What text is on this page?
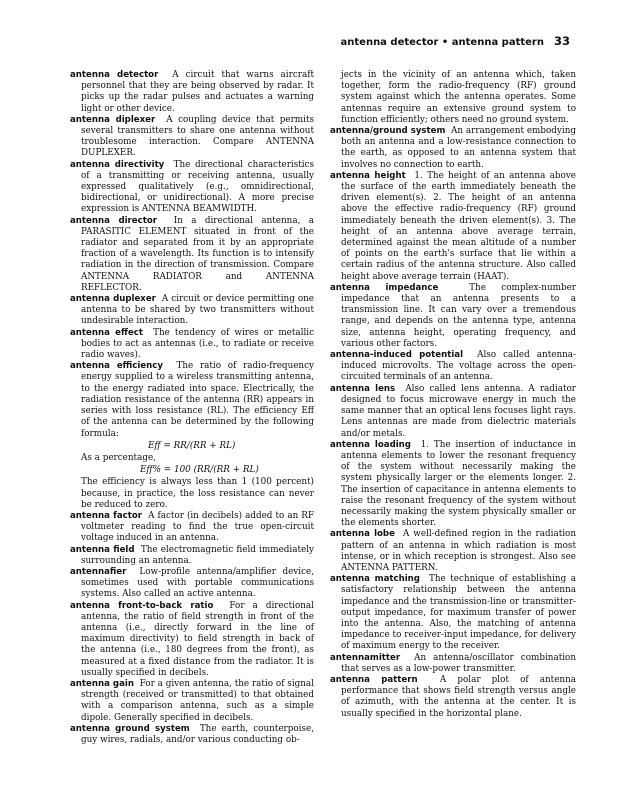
antenna detector • antenna pattern 33

antenna detector A circuit that warns aircraft personnel that they are being observed by radar. It picks up the radar pulses and actuates a warning light or other device.

antenna diplexer A coupling device that permits several transmitters to share one antenna without troublesome interaction. Compare ANTENNA DUPLEXER.

antenna directivity The directional characteristics of a transmitting or receiving antenna, usually expressed qualitatively (e.g., omnidirectional, bidirectional, or unidirectional). A more precise expression is ANTENNA BEAMWIDTH.

antenna director In a directional antenna, a PARASITIC ELEMENT situated in front of the radiator and separated from it by an appropriate fraction of a wavelength. Its function is to intensify radiation in the direction of transmission. Compare ANTENNA RADIATOR and ANTENNA REFLECTOR.

antenna duplexer A circuit or device permitting one antenna to be shared by two transmitters without undesirable interaction.

antenna effect The tendency of wires or metallic bodies to act as antennas (i.e., to radiate or receive radio waves).

antenna efficiency The ratio of radio-frequency energy supplied to a wireless transmitting antenna, to the energy radiated into space. Electrically, the radiation resistance of the antenna (RR) appears in series with loss resistance (RL). The efficiency Eff of the antenna can be determined by the following formula:

Eff = RR/(RR + RL)

As a percentage,

Eff% = 100 (RR/(RR + RL)

The efficiency is always less than 1 (100 percent) because, in practice, the loss resistance can never be reduced to zero.

antenna factor A factor (in decibels) added to an RF voltmeter reading to find the true open-circuit voltage induced in an antenna.

antenna field The electromagnetic field immediately surrounding an antenna.

antennafier Low-profile antenna/amplifier device, sometimes used with portable communications systems. Also called an active antenna.

antenna front-to-back ratio For a directional antenna, the ratio of field strength in front of the antenna (i.e., directly forward in the line of maximum directivity) to field strength in back of the antenna (i.e., 180 degrees from the front), as measured at a fixed distance from the radiator. It is usually specified in decibels.

antenna gain For a given antenna, the ratio of signal strength (received or transmitted) to that obtained with a comparison antenna, such as a simple dipole. Generally specified in decibels.

antenna ground system The earth, counterpoise, guy wires, radials, and/or various conducting ob-

jects in the vicinity of an antenna which, taken together, form the radio-frequency (RF) ground system against which the antenna operates. Some antennas require an extensive ground system to function efficiently; others need no ground system.

antenna/ground system An arrangement embodying both an antenna and a low-resistance connection to the earth, as opposed to an antenna system that involves no connection to earth.

antenna height 1. The height of an antenna above the surface of the earth immediately beneath the driven element(s). 2. The height of an antenna above the effective radio-frequency (RF) ground immediately beneath the driven element(s). 3. The height of an antenna above average terrain, determined against the mean altitude of a number of points on the earth's surface that lie within a certain radius of the antenna structure. Also called height above average terrain (HAAT).

antenna impedance	The complex-number impedance that an antenna presents to a transmission line. It can vary over a tremendous range, and depends on the antenna type, antenna size, antenna height, operating frequency, and various other factors.

antenna-induced potential Also called antenna-induced microvolts. The voltage across the open-circuited terminals of an antenna.

antenna lens Also called lens antenna. A radiator designed to focus microwave energy in much the same manner that an optical lens focuses light rays. Lens antennas are made from dielectric materials and/or metals.

antenna loading 1. The insertion of inductance in antenna elements to lower the resonant frequency of the system without necessarily making the system physically larger or the elements longer. 2. The insertion of capacitance in antenna elements to raise the resonant frequency of the system without necessarily making the system physically smaller or the elements shorter.

antenna lobe A well-defined region in the radiation pattern of an antenna in which radiation is most intense, or in which reception is strongest. Also see ANTENNA PATTERN.

antenna matching The technique of establishing a satisfactory relationship between the antenna impedance and the transmission-line or transmitter-output impedance, for maximum transfer of power into the antenna. Also, the matching of antenna impedance to receiver-input impedance, for delivery of maximum energy to the receiver.

antennamitter An antenna/oscillator combination that serves as a low-power transmitter.

antenna pattern	A polar plot of antenna performance that shows field strength versus angle of azimuth, with the antenna at the center. It is usually specified in the horizontal plane.
